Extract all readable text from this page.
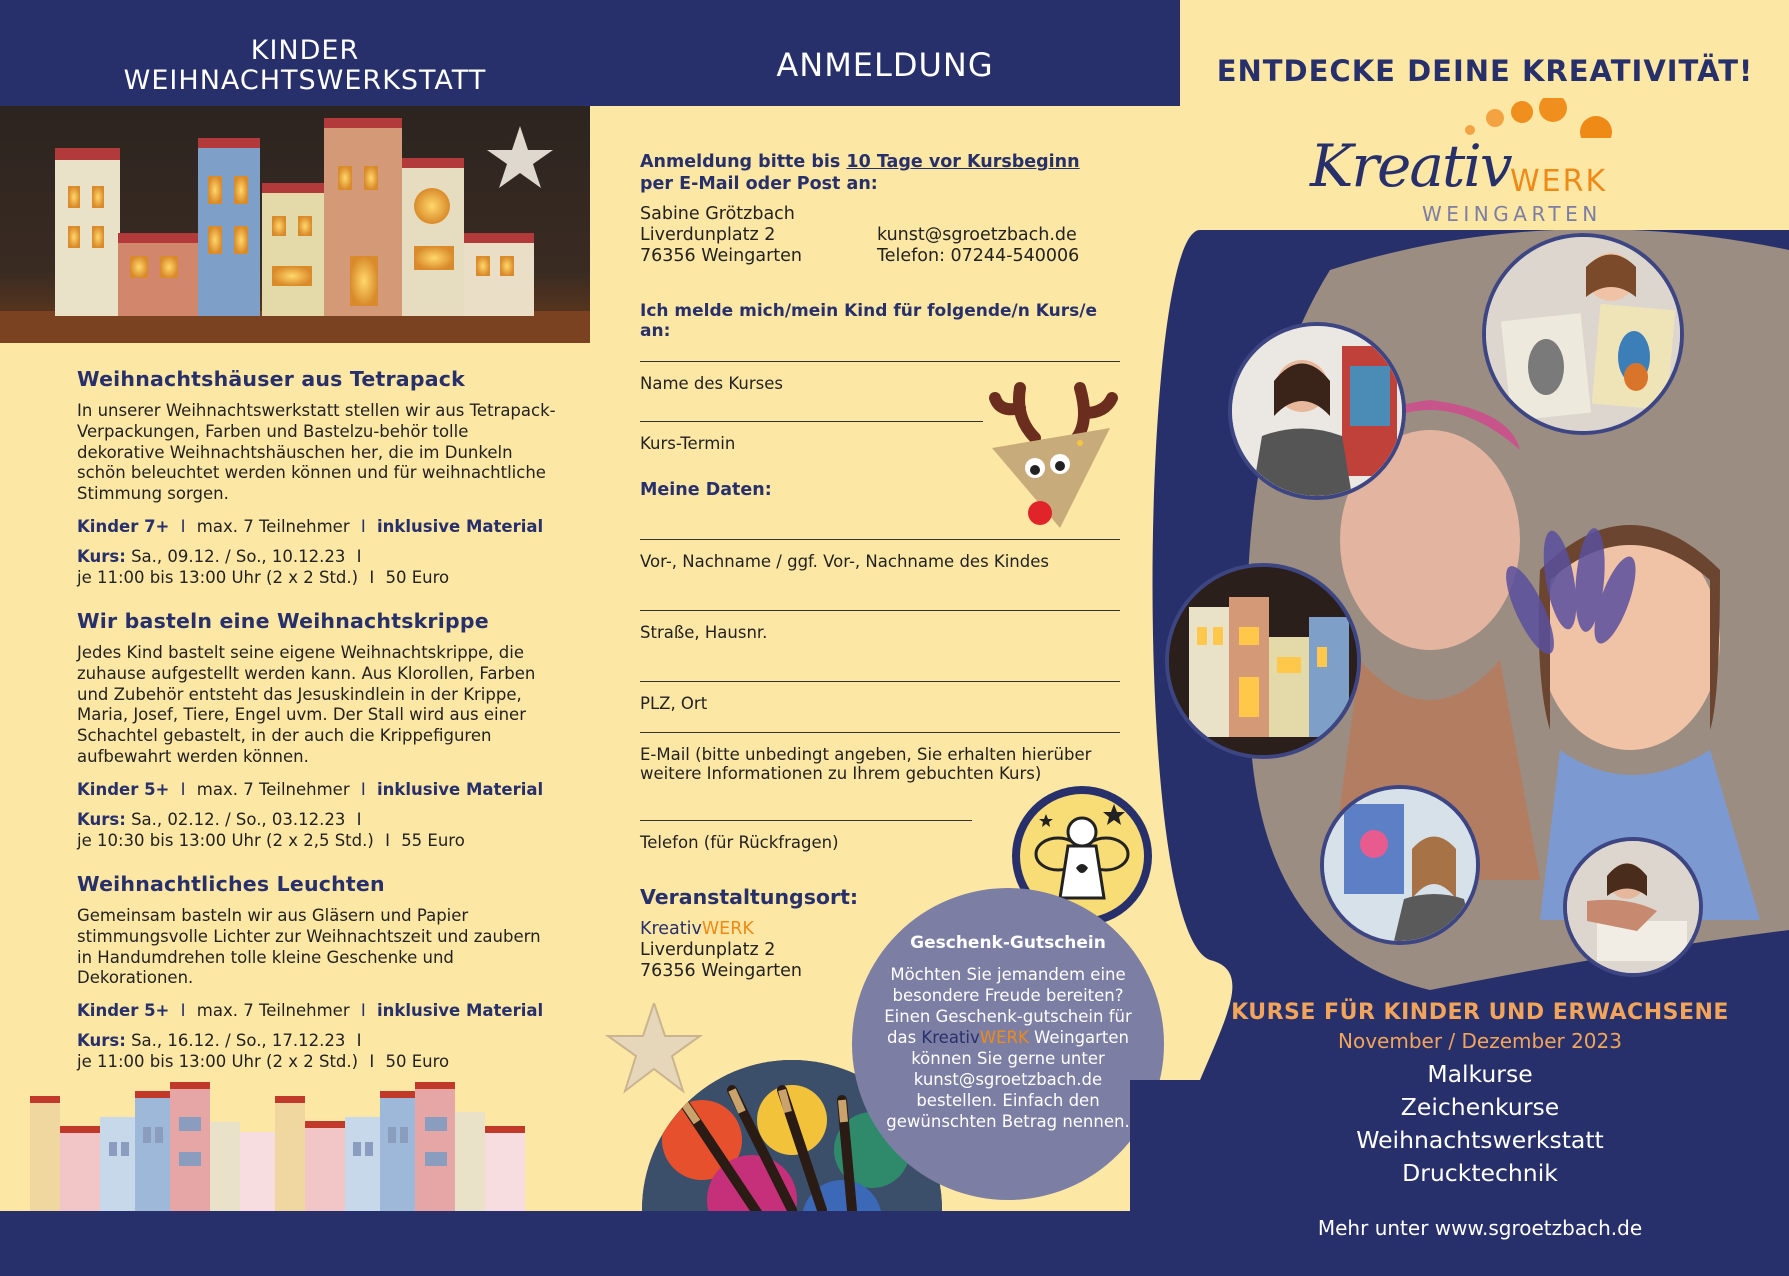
KINDER
WEIHNACHTSWERKSTATT	ANMELDUNG
Weihnachtshäuser aus Tetrapack
In unserer Weihnachtswerkstatt stellen wir aus Tetrapack-Verpackungen, Farben und Bastelzu-behör tolle dekorative Weihnachtshäuschen her, die im Dunkeln schön beleuchtet werden können und für weihnachtliche Stimmung sorgen.
Kinder 7+ I max. 7 Teilnehmer I inklusive Material
Kurs: Sa., 09.12. / So., 10.12.23 I
je 11:00 bis 13:00 Uhr (2 x 2 Std.) I 50 Euro
Wir basteln eine Weihnachtskrippe
Jedes Kind bastelt seine eigene Weihnachtskrippe, die zuhause aufgestellt werden kann. Aus Klorollen, Farben und Zubehör entsteht das Jesuskindlein in der Krippe, Maria, Josef, Tiere, Engel uvm. Der Stall wird aus einer Schachtel gebastelt, in der auch die Krippefiguren aufbewahrt werden können.
Kinder 5+ I max. 7 Teilnehmer I inklusive Material
Kurs: Sa., 02.12. / So., 03.12.23 I
je 10:30 bis 13:00 Uhr (2 x 2,5 Std.) I 55 Euro
Weihnachtliches Leuchten
Gemeinsam basteln wir aus Gläsern und Papier stimmungsvolle Lichter zur Weihnachtszeit und zaubern in Handumdrehen tolle kleine Geschenke und Dekorationen.
Kinder 5+ I max. 7 Teilnehmer I inklusive Material
Kurs: Sa., 16.12. / So., 17.12.23 I
je 11:00 bis 13:00 Uhr (2 x 2 Std.) I 50 Euro
Anmeldung bitte bis 10 Tage vor Kursbeginn
per E-Mail oder Post an:
Sabine Grötzbach
Liverdunplatz 2
76356 Weingarten
kunst@sgroetzbach.de
Telefon: 07244-540006
Ich melde mich/mein Kind für folgende/n Kurs/e an:
Name des Kurses
Kurs-Termin
Meine Daten:
Vor-, Nachname / ggf. Vor-, Nachname des Kindes
Straße, Hausnr.
PLZ, Ort
E-Mail (bitte unbedingt angeben, Sie erhalten hierüber weitere Informationen zu Ihrem gebuchten Kurs)
Telefon (für Rückfragen)
Veranstaltungsort:
KreativWERK
Liverdunplatz 2
76356 Weingarten
Geschenk-Gutschein
Möchten Sie jemandem eine besondere Freude bereiten? Einen Geschenk-gutschein für das KreativWERK Weingarten können Sie gerne unter kunst@sgroetzbach.de bestellen. Einfach den gewünschten Betrag nennen.
ENTDECKE DEINE KREATIVITÄT!
Kreativ WERK
WEINGARTEN
KURSE FÜR KINDER UND ERWACHSENE
November / Dezember 2023
Malkurse
Zeichenkurse
Weihnachtswerkstatt
Drucktechnik
Mehr unter www.sgroetzbach.de
